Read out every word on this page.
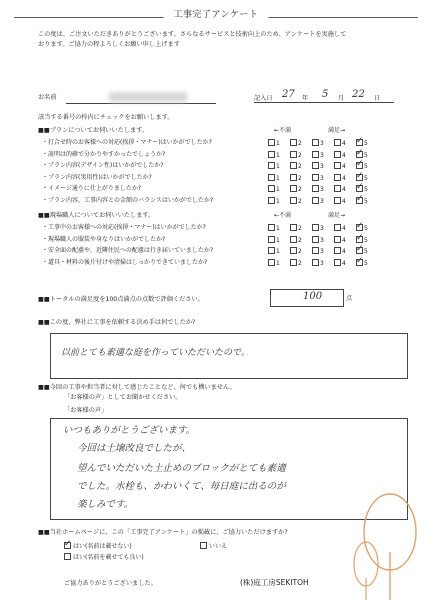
工事完了アンケート
この度は、ご注文いただきありがとうございます。さらなるサービスと技術向上のため、アンケートを実施して
おります。ご協力の程よろしくお願い申し上げます
お名前	記入日 27 年 5 月 22 日
該当する番号の枠内にチェックをお願いします。
■■プランについてお伺いいたします。	←不満	満足→
・打合せ時のお客様への対応(挨拶・マナー)はいかがでしたか?	1	2	3	4 ✓ 5
・説明は的確で分かりやすかったでしょうか?	1	2	3	4 ✓ 5
・プラン内容(デザイン性)はいかがでしたか?	1	2	3	4 ✓ 5
・プラン内容(実用性)はいかがでしたか?	1	2	3	4 ✓ 5
・イメージ通りに仕上がりましたか?	1	2	3	4 ✓ 5
・プラン内容、工事内容との金額のバランスはいかがでしたか?	1	2	3	4 ✓ 5
■■現場職人についてお伺いいたします。	←不満	満足→
・工事中のお客様への対応(挨拶・マナー)はいかがでしたか?	1	2	3	4 ✓ 5
・現場職人の服装や身なりはいかがでしたか?	1	2	3	4 ✓ 5
・安全面の配慮や、近隣住民への配慮は行き届いていましたか?	1	2	3	4 ✓ 5
・道具・材料の後片付けや清掃はしっかりできていましたか?	1	2	3	4 ✓ 5
■■トータルの満足度を100点満点の点数で評価ください。	100	点
■■この度、弊社に工事を依頼する決め手は何でしたか?
以前とても素適な庭を作っていただいたので。
■■今回の工事や担当者に対して感じたことなど、何でも構いません。
「お客様の声」としてお聞かせください。
「お客様の声」
いつもありがとうございます。
今回は土壌改良でしたが、
望んでいただいた土止めのブロックがとても素適
でした。水栓も、かわいくて、毎日庭に出るのが
楽しみです。
■■当社ホームページに、この「工事完了アンケート」の掲載に、ご協力いただけますか?
✓ はい(名前は載せない)	いいえ
はい(名前を載せても良い)
ご協力ありがとうございました。	(株)庭工房SEKITOH
